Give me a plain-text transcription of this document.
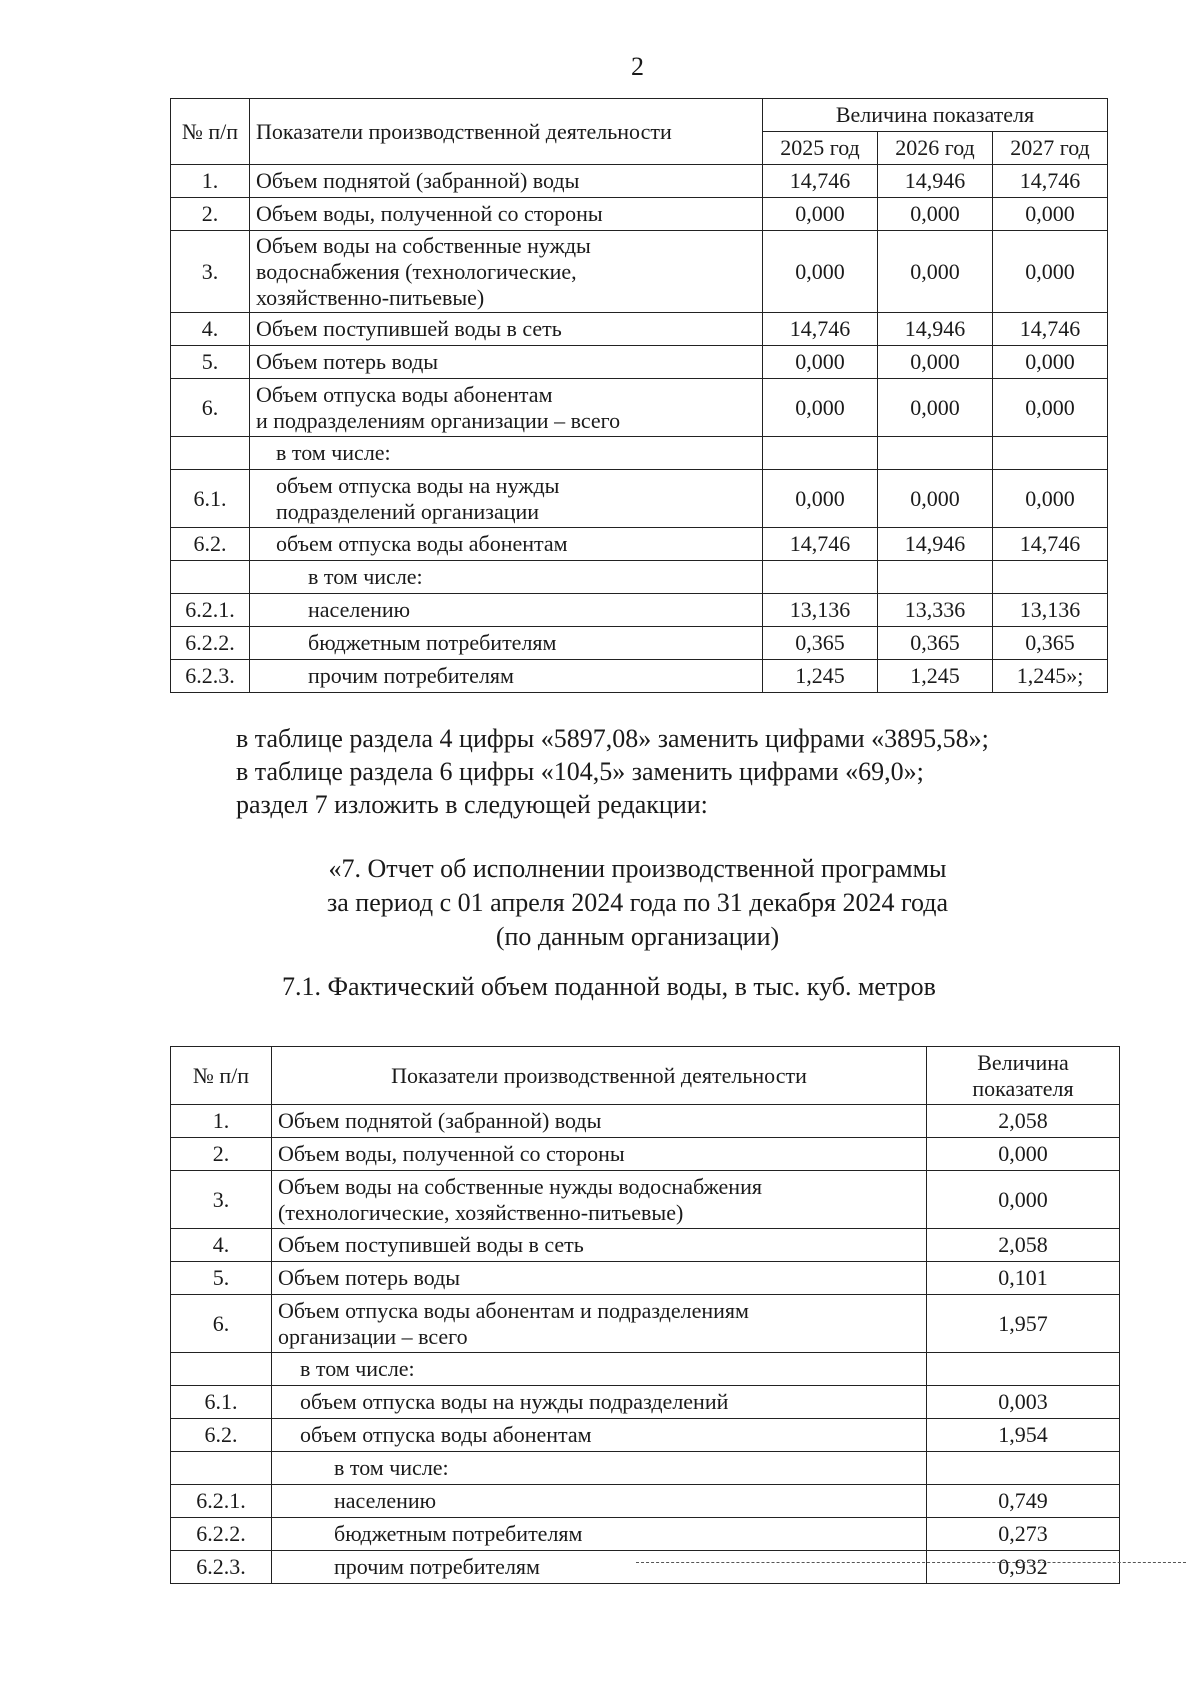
2
№ п/п	Показатели производственной деятельности	Величина показателя		
		2025 год	2026 год	2027 год
1.	Объем поднятой (забранной) воды	14,746	14,946	14,746
2.	Объем воды, полученной со стороны	0,000	0,000	0,000
3.	Объем воды на собственные нужды
водоснабжения (технологические,
хозяйственно-питьевые)	0,000	0,000	0,000
4.	Объем поступившей воды в сеть	14,746	14,946	14,746
5.	Объем потерь воды	0,000	0,000	0,000
6.	Объем отпуска воды абонентам
и подразделениям организации – всего	0,000	0,000	0,000
	в том числе:			
6.1.	объем отпуска воды на нужды
подразделений организации	0,000	0,000	0,000
6.2.	объем отпуска воды абонентам	14,746	14,946	14,746
	в том числе:			
6.2.1.	населению	13,136	13,336	13,136
6.2.2.	бюджетным потребителям	0,365	0,365	0,365
6.2.3.	прочим потребителям	1,245	1,245	1,245»;
в таблице раздела 4 цифры «5897,08» заменить цифрами «3895,58»;
в таблице раздела 6 цифры «104,5» заменить цифрами «69,0»;
раздел 7 изложить в следующей редакции:
«7. Отчет об исполнении производственной программы
за период с 01 апреля 2024 года по 31 декабря 2024 года
(по данным организации)
7.1. Фактический объем поданной воды, в тыс. куб. метров
№ п/п	Показатели производственной деятельности	Величина
показателя

1.	Объем поднятой (забранной) воды	2,058
2.	Объем воды, полученной со стороны	0,000
3.	Объем воды на собственные нужды водоснабжения
(технологические, хозяйственно-питьевые)	0,000
4.	Объем поступившей воды в сеть	2,058
5.	Объем потерь воды	0,101
6.	Объем отпуска воды абонентам и подразделениям
организации – всего	1,957
	в том числе:	
6.1.	объем отпуска воды на нужды подразделений	0,003
6.2.	объем отпуска воды абонентам	1,954
	в том числе:	
6.2.1.	населению	0,749
6.2.2.	бюджетным потребителям	0,273
6.2.3.	прочим потребителям	0,932
